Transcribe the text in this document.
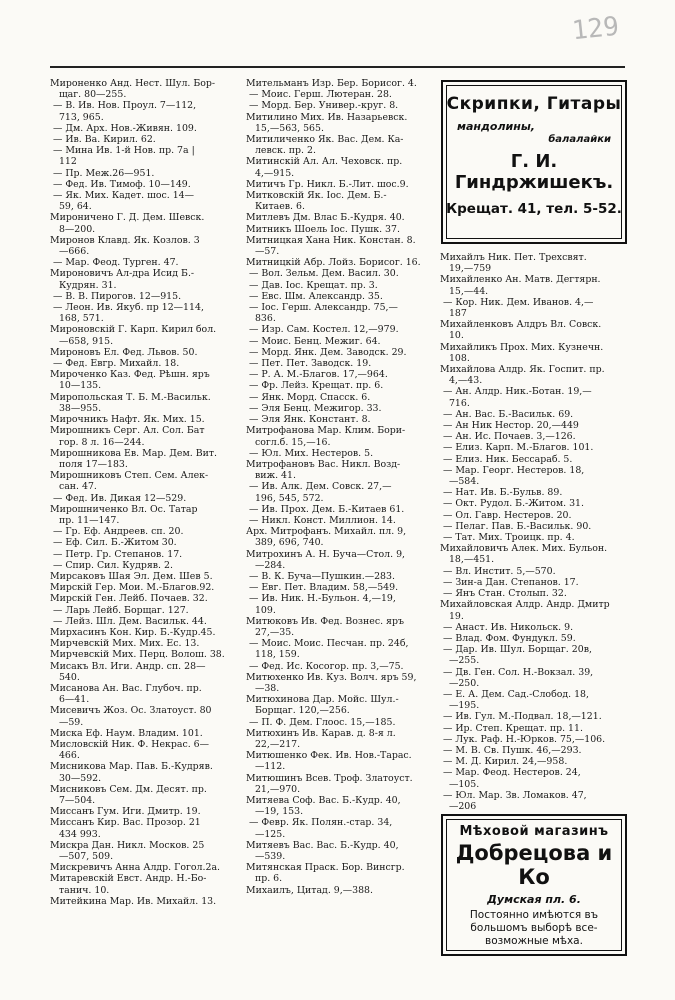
129

Мироненко Анд. Нест. Шул. Бор-

щаг. 80—255.

— В. Ив. Нов. Проул. 7—112,

713, 965.

— Дм. Арх. Нов.-Живян. 109.

— Ив. Ва. Кирил. 62.

— Мина Ив. 1-й Нов. пр. 7а |

112

— Пр. Меж.26—951.

— Фед. Ив. Тимоф. 10—149.

— Як. Мих. Кадет. шос. 14—

59, 64.

Мироничено Г. Д. Дем. Шевск.

8—200.

Миронов Клавд. Як. Козлов. 3

—666.

— Мар. Феод. Турген. 47.

Мироновичъ Ал-дра Исид Б.-

Кудрян. 31.

— В. В. Пирогов. 12—915.

— Леон. Ив. Якуб. пр 12—114,

168, 571.

Мироновскій Г. Карп. Кирил бол.

—658, 915.

Мироновъ Ел. Фед. Львов. 50.

— Фед. Евгр. Михайл. 18.

Мироченко Каз. Фед. Рѣшн. яръ

10—135.

Миропольская Т. Б. М.-Васильк.

38—955.

Мирочникъ Нафт. Як. Мих. 15.

Мирошникъ Серг. Ал. Сол. Бат

гор. 8 л. 16—244.

Мирошникова Ев. Мар. Дем. Вит.

поля 17—183.

Мирошниковъ Степ. Сем. Алек-

сан. 47.

— Фед. Ив. Дикая 12—529.

Мирошниченко Вл. Ос. Татар

пр. 11—147.

— Гр. Еф. Андреев. сп. 20.

— Еф. Сил. Б.-Житом 30.

— Петр. Гр. Степанов. 17.

— Спир. Сил. Кудряв. 2.

Мирсаковъ Шая Эл. Дем. Шев 5.

Мирскій Гер. Мои. М.-Благов.92.

Мирскій Ген. Лейб. Почаев. 32.

— Ларь Лейб. Борщаг. 127.

— Лейз. Шл. Дем. Васильк. 44.

Мирхасинъ Кон. Кир. Б.-Кудр.45.

Мирчевскій Мих. Мих. Ес. 13.

Мирчевскій Мих. Перц. Волош. 38.

Мисакъ Вл. Иги. Андр. сп. 28—

540.

Мисанова Ан. Вас. Глубоч. пр.

6—41.

Мисевичъ Жоз. Ос. Златоуст. 80

—59.

Миска Еф. Наум. Владим. 101.

Мисловскій Ник. Ф. Некрас. 6—

466.

Мисникова Мар. Пав. Б.-Кудряв.

30—592.

Мисниковъ Сем. Дм. Десят. пр.

7—504.

Миссанъ Гум. Иги. Дмитр. 19.

Миссанъ Кир. Вас. Прозор. 21

434 993.

Мискра Дан. Никл. Москов. 25

—507, 509.

Мискревичъ Анна Алдр. Гогол.2а.

Митаревскій Евст. Андр. Н.-Бо-

танич. 10.

Митейкина Мар. Ив. Михайл. 13.

Мительманъ Изр. Бер. Борисог. 4.

— Моис. Герш. Лютеран. 28.

— Морд. Бер. Универ.-круг. 8.

Митилино Мих. Ив. Назарьевск.

15,—563, 565.

Митиличенко Як. Вас. Дем. Ка-

левск. пр. 2.

Митинскій Ал. Ал. Чеховск. пр.

4,—915.

Митичъ Гр. Никл. Б.-Лит. шос.9.

Митковскій Як. Іос. Дем. Б.-

Китаев. 6.

Митлевъ Дм. Влас Б.-Кудря. 40.

Митникъ Шоель Іос. Пушк. 37.

Митницкая Хана Ник. Констан. 8.

—57.

Митницкій Абр. Лойз. Борисог. 16.

— Вол. Зельм. Дем. Васил. 30.

— Дав. Іос. Крещат. пр. 3.

— Евс. Шм. Александр. 35.

— Іос. Герш. Александр. 75,—

836.

— Изр. Сам. Костел. 12,—979.

— Моис. Бенц. Межиг. 64.

— Морд. Янк. Дем. Заводск. 29.

— Пет. Пет. Заводск. 19.

— Р. А. М.-Благов. 17,—964.

— Фр. Лейз. Крещат. пр. 6.

— Янк. Морд. Спасск. 6.

— Эля Бенц. Межигор. 33.

— Эля Янк. Констант. 8.

Митрофанова Мар. Клим. Бори-

согл.б. 15,—16.

— Юл. Мих. Нестеров. 5.

Митрофановъ Вас. Никл. Возд-

виж. 41.

— Ив. Алк. Дем. Совск. 27,—

196, 545, 572.

— Ив. Прох. Дем. Б.-Китаев 61.

— Никл. Конст. Миллион. 14.

Арх. Митрофанъ. Михайл. пл. 9,

389, 696, 740.

Митрохинъ А. Н. Буча—Стол. 9,

—284.

— В. К. Буча—Пушкин.—283.

— Евг. Пет. Владим. 58,—549.

— Ив. Ник. Н.-Бульон. 4,—19,

109.

Митюковъ Ив. Фед. Вознес. яръ

27,—35.

— Моис. Моис. Песчан. пр. 24б,

118, 159.

— Фед. Ис. Косогор. пр. 3,—75.

Митюхенко Ив. Куз. Волч. яръ 59,

—38.

Митюхинова Дар. Мойс. Шул.-

Борщаг. 120,—256.

— П. Ф. Дем. Глоос. 15,—185.

Митюхинъ Ив. Карав. д. 8-я л.

22,—217.

Митюшенко Фек. Ив. Нов.-Тарас.

—112.

Митюшинъ Всев. Троф. Златоуст.

21,—970.

Митяева Соф. Вас. Б.-Кудр. 40,

—19, 153.

— Февр. Як. Полян.-стар. 34,

—125.

Митяевъ Вас. Вас. Б.-Кудр. 40,

—539.

Митянская Праск. Бор. Винсгр.

пр. 6.

Михаилъ, Цитад. 9,—388.

Скрипки, Гитары
мандолины,
балалайки
Г. И. Гиндржишекъ.
Крещат. 41, тел. 5-52.

Михайлъ Ник. Пет. Трехсвят.

19,—759

Михайленко Ан. Матв. Дегтярн.

15,—44.

— Кор. Ник. Дем. Иванов. 4,—

187

Михайленковъ Алдръ Вл. Совск.

10.

Михайликъ Прох. Мих. Кузнечн.

108.

Михайлова Алдр. Як. Госпит. пр.

4,—43.

— Ан. Алдр. Ник.-Ботан. 19,—

716.

— Ан. Вас. Б.-Васильк. 69.

— Ан Ник Нестор. 20,—449

— Ан. Ис. Почаев. 3,—126.

— Елиз. Карп. М.-Благов. 101.

— Елиз. Ник. Бессараб. 5.

— Мар. Георг. Нестеров. 18,

—584.

— Нат. Ив. Б.-Бульв. 89.

— Окт. Рудол. Б.-Житом. 31.

— Ол. Гавр. Нестеров. 20.

— Пелаг. Пав. Б.-Васильк. 90.

— Тат. Мих. Троицк. пр. 4.

Михайловичъ Алек. Мих. Бульон.

18,—451.

— Вл. Инстит. 5,—570.

— Зин-а Дан. Степанов. 17.

— Янъ Стан. Столып. 32.

Михайловская Алдр. Андр. Дмитр

19.

— Анаст. Ив. Никольск. 9.

— Влад. Фом. Фундукл. 59.

— Дар. Ив. Шул. Борщаг. 20в,

—255.

— Дв. Ген. Сол. Н.-Вокзал. 39,

—250.

— Е. А. Дем. Сад.-Слобод. 18,

—195.

— Ив. Гул. М.-Подвал. 18,—121.

— Ир. Степ. Крещат. пр. 11.

— Лук. Раф. Н.-Юрков. 75,—106.

— М. В. Св. Пушк. 46,—293.

— М. Д. Кирил. 24,—958.

— Мар. Феод. Нестеров. 24,

—105.

— Юл. Мар. Зв. Ломаков. 47,

—206

Мѣховой магазинъ
Добрецова и Ко
Думская пл. 6.
Постоянно имѣются въ
большомъ выборѣ все-
возможные мѣха.
